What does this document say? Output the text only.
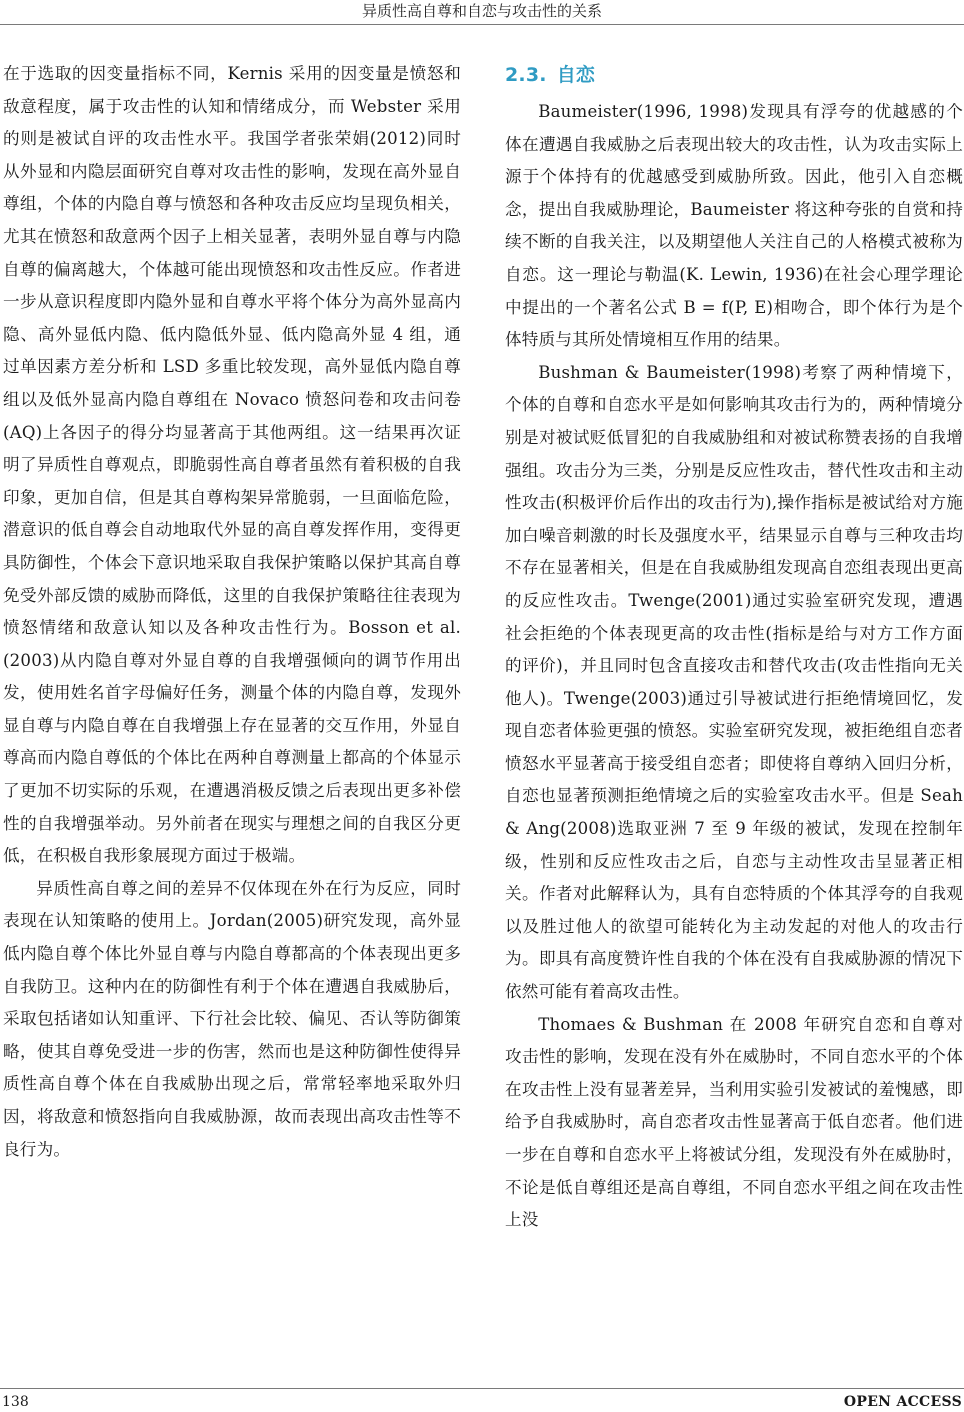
异质性高自尊和自恋与攻击性的关系

在于选取的因变量指标不同，Kernis 采用的因变量是愤怒和敌意程度，属于攻击性的认知和情绪成分，而 Webster 采用的则是被试自评的攻击性水平。我国学者张荣娟(2012)同时从外显和内隐层面研究自尊对攻击性的影响，发现在高外显自尊组，个体的内隐自尊与愤怒和各种攻击反应均呈现负相关，尤其在愤怒和敌意两个因子上相关显著，表明外显自尊与内隐自尊的偏离越大，个体越可能出现愤怒和攻击性反应。作者进一步从意识程度即内隐外显和自尊水平将个体分为高外显高内隐、高外显低内隐、低内隐低外显、低内隐高外显 4 组，通过单因素方差分析和 LSD 多重比较发现，高外显低内隐自尊组以及低外显高内隐自尊组在 Novaco 愤怒问卷和攻击问卷(AQ)上各因子的得分均显著高于其他两组。这一结果再次证明了异质性自尊观点，即脆弱性高自尊者虽然有着积极的自我印象，更加自信，但是其自尊构架异常脆弱，一旦面临危险，潜意识的低自尊会自动地取代外显的高自尊发挥作用，变得更具防御性，个体会下意识地采取自我保护策略以保护其高自尊免受外部反馈的威胁而降低，这里的自我保护策略往往表现为愤怒情绪和敌意认知以及各种攻击性行为。Bosson et al.(2003)从内隐自尊对外显自尊的自我增强倾向的调节作用出发，使用姓名首字母偏好任务，测量个体的内隐自尊，发现外显自尊与内隐自尊在自我增强上存在显著的交互作用，外显自尊高而内隐自尊低的个体比在两种自尊测量上都高的个体显示了更加不切实际的乐观，在遭遇消极反馈之后表现出更多补偿性的自我增强举动。另外前者在现实与理想之间的自我区分更低，在积极自我形象展现方面过于极端。

异质性高自尊之间的差异不仅体现在外在行为反应，同时表现在认知策略的使用上。Jordan(2005)研究发现，高外显低内隐自尊个体比外显自尊与内隐自尊都高的个体表现出更多自我防卫。这种内在的防御性有利于个体在遭遇自我威胁后，采取包括诸如认知重评、下行社会比较、偏见、否认等防御策略，使其自尊免受进一步的伤害，然而也是这种防御性使得异质性高自尊个体在自我威胁出现之后，常常轻率地采取外归因，将敌意和愤怒指向自我威胁源，故而表现出高攻击性等不良行为。

2.3. 自恋

Baumeister(1996, 1998)发现具有浮夸的优越感的个体在遭遇自我威胁之后表现出较大的攻击性，认为攻击实际上源于个体持有的优越感受到威胁所致。因此，他引入自恋概念，提出自我威胁理论，Baumeister 将这种夸张的自赏和持续不断的自我关注，以及期望他人关注自己的人格模式被称为自恋。这一理论与勒温(K. Lewin, 1936)在社会心理学理论中提出的一个著名公式 B = f(P, E)相吻合，即个体行为是个体特质与其所处情境相互作用的结果。

Bushman & Baumeister(1998)考察了两种情境下，个体的自尊和自恋水平是如何影响其攻击行为的，两种情境分别是对被试贬低冒犯的自我威胁组和对被试称赞表扬的自我增强组。攻击分为三类，分别是反应性攻击，替代性攻击和主动性攻击(积极评价后作出的攻击行为),操作指标是被试给对方施加白噪音刺激的时长及强度水平，结果显示自尊与三种攻击均不存在显著相关，但是在自我威胁组发现高自恋组表现出更高的反应性攻击。Twenge(2001)通过实验室研究发现，遭遇社会拒绝的个体表现更高的攻击性(指标是给与对方工作方面的评价)，并且同时包含直接攻击和替代攻击(攻击性指向无关他人)。Twenge(2003)通过引导被试进行拒绝情境回忆，发现自恋者体验更强的愤怒。实验室研究发现，被拒绝组自恋者愤怒水平显著高于接受组自恋者；即使将自尊纳入回归分析，自恋也显著预测拒绝情境之后的实验室攻击水平。但是 Seah & Ang(2008)选取亚洲 7 至 9 年级的被试，发现在控制年级，性别和反应性攻击之后，自恋与主动性攻击呈显著正相关。作者对此解释认为，具有自恋特质的个体其浮夸的自我观以及胜过他人的欲望可能转化为主动发起的对他人的攻击行为。即具有高度赞许性自我的个体在没有自我威胁源的情况下依然可能有着高攻击性。

Thomaes & Bushman 在 2008 年研究自恋和自尊对攻击性的影响，发现在没有外在威胁时，不同自恋水平的个体在攻击性上没有显著差异，当利用实验引发被试的羞愧感，即给予自我威胁时，高自恋者攻击性显著高于低自恋者。他们进一步在自尊和自恋水平上将被试分组，发现没有外在威胁时，不论是低自尊组还是高自尊组，不同自恋水平组之间在攻击性上没

138	OPEN ACCESS
